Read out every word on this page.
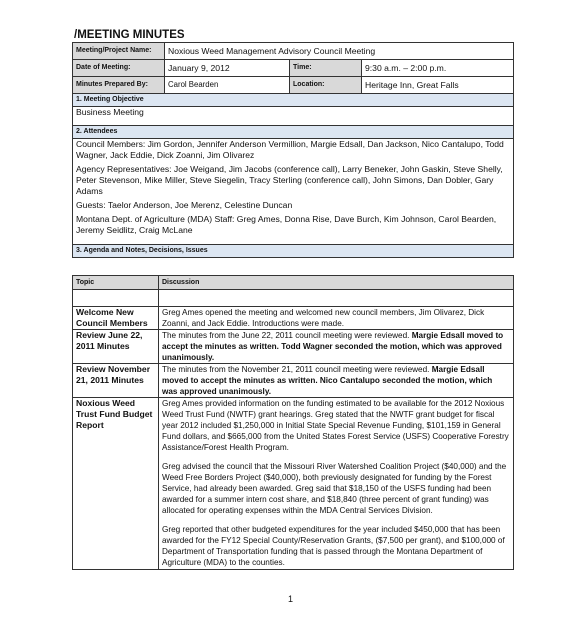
/MEETING MINUTES
Meeting/Project Name:	Noxious Weed Management Advisory Council Meeting		
Date of Meeting:	January 9, 2012	Time:	9:30 a.m. – 2:00 p.m.
Minutes Prepared By:	Carol Bearden	Location:	Heritage Inn, Great Falls
1. Meeting Objective			
Business Meeting			
2. Attendees			

Council Members: Jim Gordon, Jennifer Anderson Vermillion, Margie Edsall, Dan Jackson, Nico Cantalupo, Todd Wagner, Jack Eddie, Dick Zoanni, Jim Olivarez

Agency Representatives: Joe Weigand, Jim Jacobs (conference call), Larry Beneker, John Gaskin, Steve Shelly, Peter Stevenson, Mike Miller, Steve Siegelin, Tracy Sterling (conference call), John Simons, Dan Dobler, Gary Adams

Guests: Taelor Anderson, Joe Merenz, Celestine Duncan

Montana Dept. of Agriculture (MDA) Staff: Greg Ames, Donna Rise, Dave Burch, Kim Johnson, Carol Bearden, Jeremy Seidlitz, Craig McLane			

3. Agenda and Notes, Decisions, Issues			
Topic	Discussion

Welcome New Council Members	Greg Ames opened the meeting and welcomed new council members, Jim Olivarez, Dick Zoanni, and Jack Eddie. Introductions were made.
Review June 22, 2011 Minutes	The minutes from the June 22, 2011 council meeting were reviewed. Margie Edsall moved to accept the minutes as written. Todd Wagner seconded the motion, which was approved unanimously.
Review November 21, 2011 Minutes	The minutes from the November 21, 2011 council meeting were reviewed. Margie Edsall moved to accept the minutes as written. Nico Cantalupo seconded the motion, which was approved unanimously.
Noxious Weed Trust Fund Budget Report	Greg Ames provided information on the funding estimated to be available for the 2012 Noxious Weed Trust Fund (NWTF) grant hearings. Greg stated that the NWTF grant budget for fiscal year 2012 included $1,250,000 in Initial State Special Revenue Funding, $101,159 in General Fund dollars, and $665,000 from the United States Forest Service (USFS) Cooperative Forestry Assistance/Forest Health Program.

Greg advised the council that the Missouri River Watershed Coalition Project ($40,000) and the Weed Free Borders Project ($40,000), both previously designated for funding by the Forest Service, had already been awarded. Greg said that $18,150 of the USFS funding had been awarded for a summer intern cost share, and $18,840 (three percent of grant funding) was allocated for operating expenses within the MDA Central Services Division.

Greg reported that other budgeted expenditures for the year included $450,000 that has been awarded for the FY12 Special County/Reservation Grants, ($7,500 per grant), and $100,000 of Department of Transportation funding that is passed through the Montana Department of Agriculture (MDA) to the counties.

1
